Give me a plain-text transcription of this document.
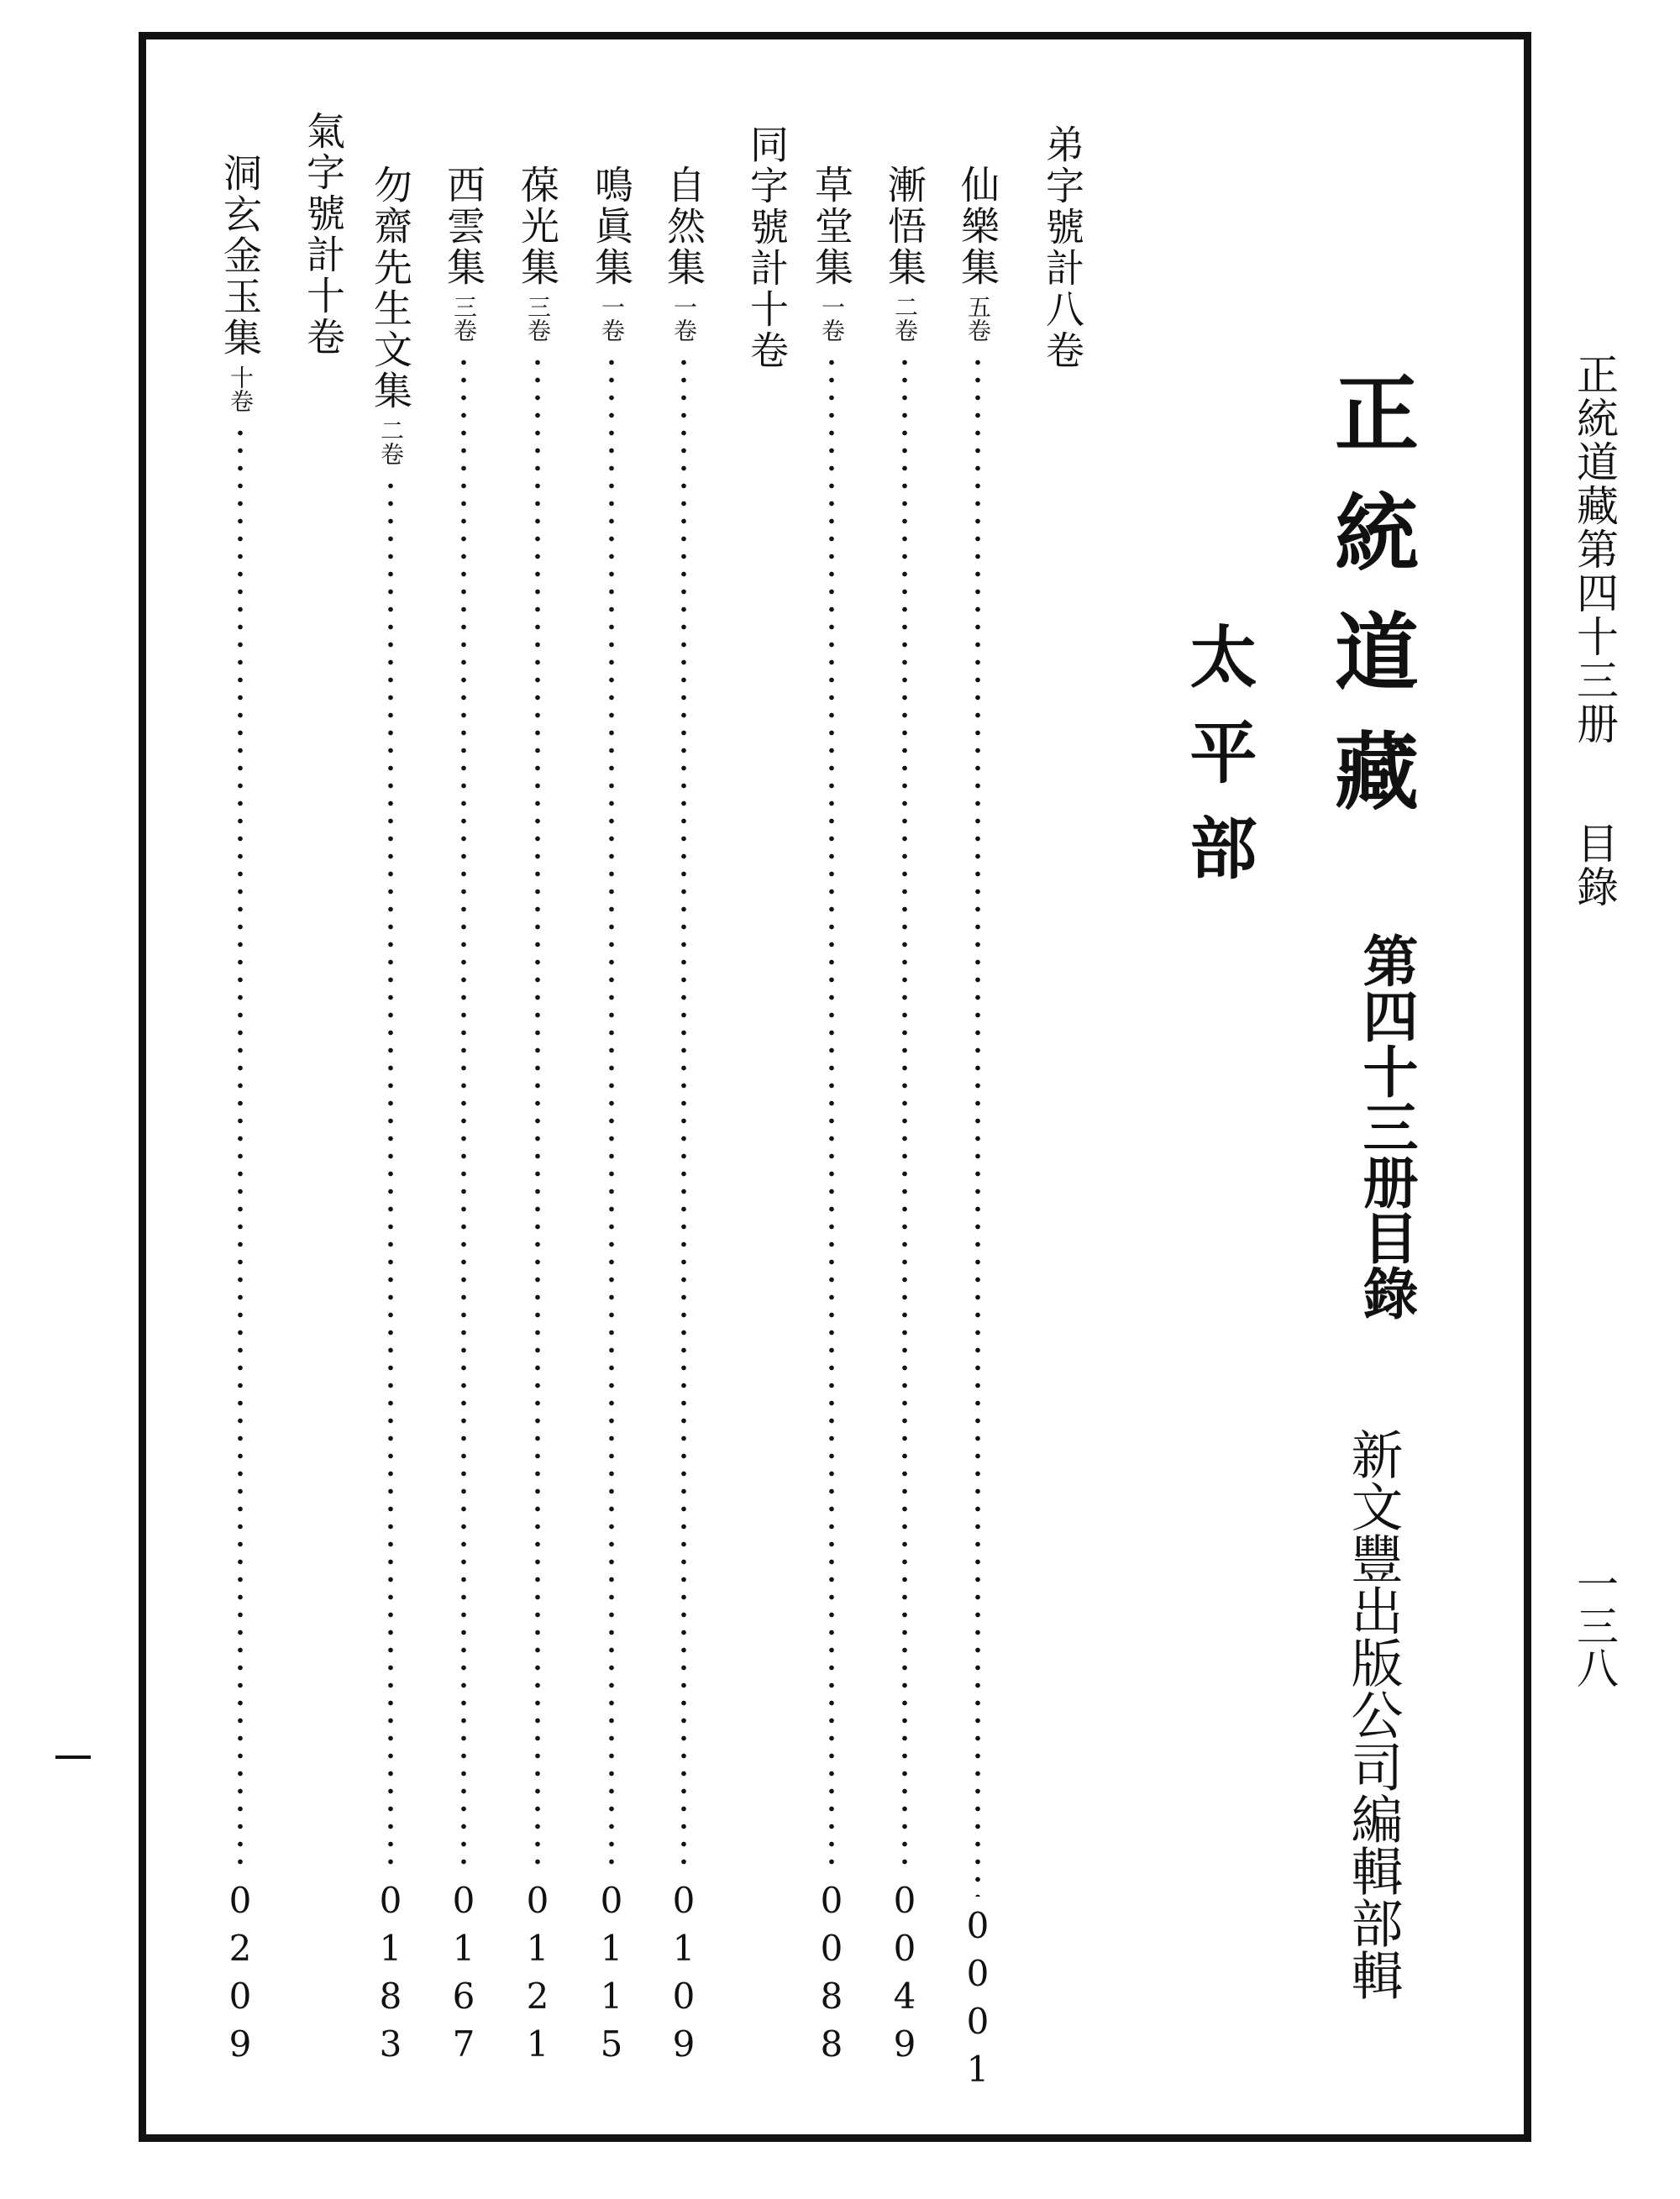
正統道藏第四十三册目錄
一三八
正統道藏
第四十三册目錄
新文豐出版公司編輯部輯
太平部
弟字號計八卷
同字號計十卷
氣字號計十卷	仙樂集
五卷
0001
漸悟集
二卷
0049
草堂集
一卷
0088
自然集
一卷
0109
鳴眞集
一卷
0115
葆光集
三卷
0121
西雲集
三卷
0167
勿齋先生文集
二卷
0183
洞玄金玉集
十卷
0209
